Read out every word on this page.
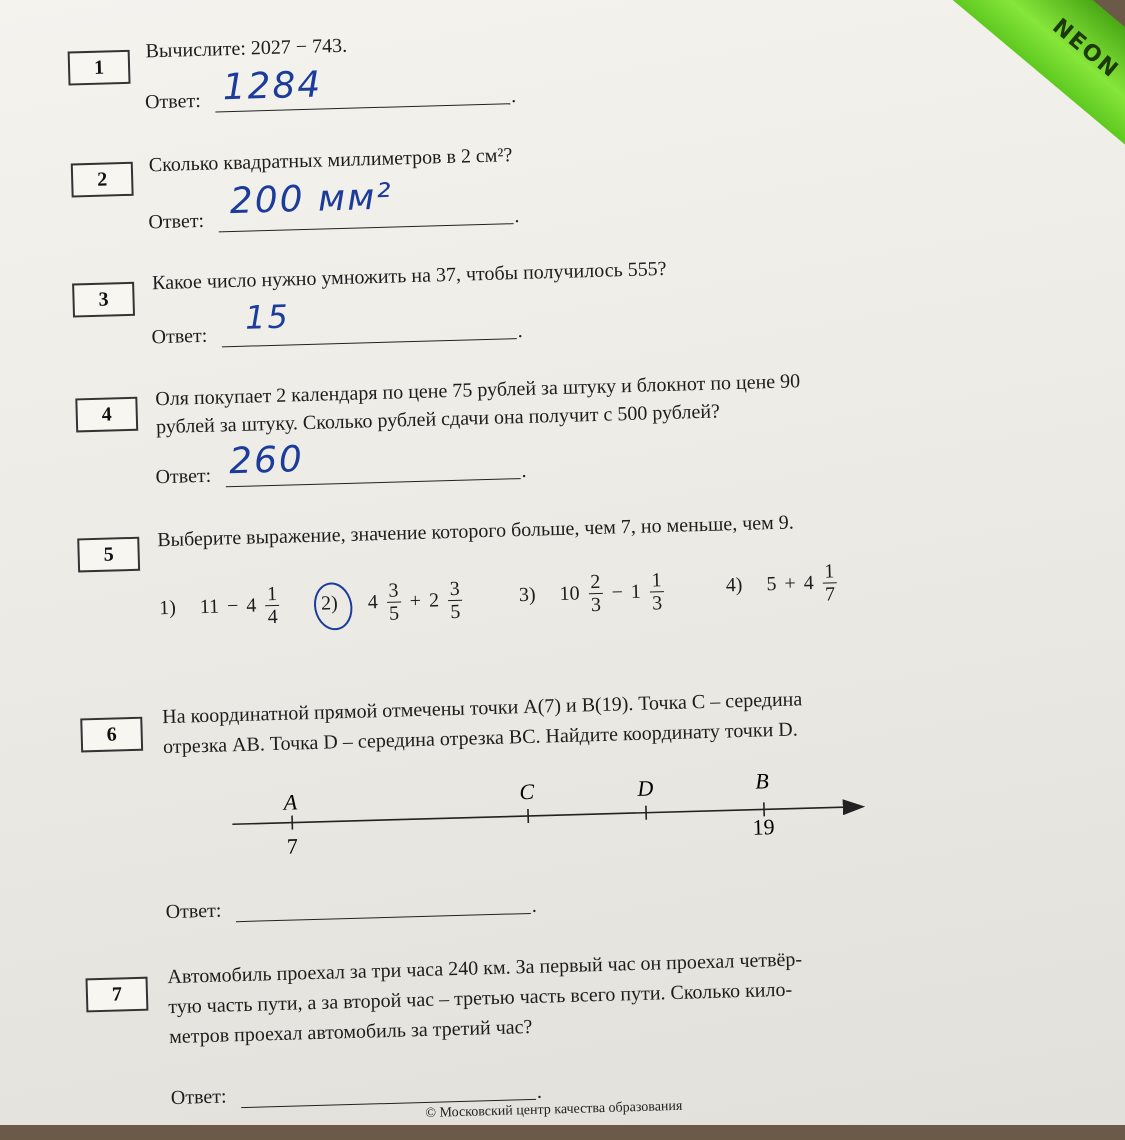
1
Вычислите: 2027 − 743.
Ответ:	.
1284
2
Сколько квадратных миллиметров в 2 см²?
Ответ:	.
200 мм²
3
Какое число нужно умножить на 37, чтобы получилось 555?
Ответ:	.
15
4
Оля покупает 2 календаря по цене 75 рублей за штуку и блокнот по цене 90
рублей за штуку. Сколько рублей сдачи она получит с 500 рублей?
Ответ:	.
260
5
Выберите выражение, значение которого больше, чем 7, но меньше, чем 9.
1) $11 - 4 \frac{1}{4} 2$) $4 \frac{3}{5} + 2 \frac{3}{5}$	3) $10 \frac{2}{3} - 1 \frac{1}{3}$	4) $5 + 4 \frac{1}{7}$
6
На координатной прямой отмечены точки A(7) и B(19). Точка C – середина
отрезка AB. Точка D – середина отрезка BC. Найдите координату точки D.
A
7
C	D	B
19
Ответ:	.
7
Автомобиль проехал за три часа 240 км. За первый час он проехал четвёр-
тую часть пути, а за второй час – третью часть всего пути. Сколько кило-
метров проехал автомобиль за третий час?
Ответ:	.
© Московский центр качества образования
NEON
